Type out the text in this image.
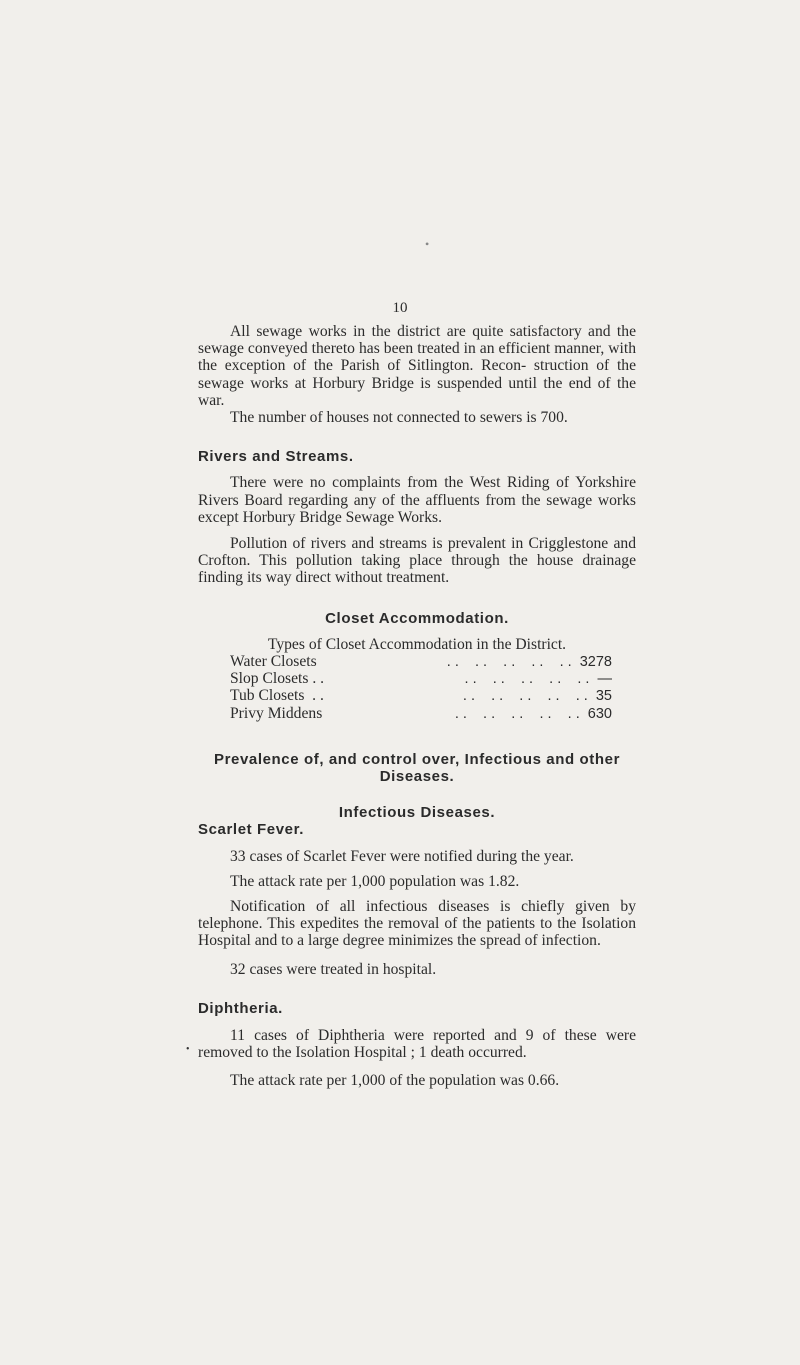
10

All sewage works in the district are quite satisfactory and the sewage conveyed thereto has been treated in an efficient manner, with the exception of the Parish of Sitlington. Recon- struction of the sewage works at Horbury Bridge is suspended until the end of the war.

The number of houses not connected to sewers is 700.

Rivers and Streams.

There were no complaints from the West Riding of Yorkshire Rivers Board regarding any of the affluents from the sewage works except Horbury Bridge Sewage Works.

Pollution of rivers and streams is prevalent in Crigglestone and Crofton. This pollution taking place through the house drainage finding its way direct without treatment.

Closet Accommodation.

Types of Closet Accommodation in the District.

Water Closets	. .    . .    . .    . .    . . 3278
Slop Closets . .	. .    . .    . .    . .    . . —
Tub Closets  . .	. .    . .    . .    . .    . . 35
Privy Middens	. .    . .    . .    . .    . . 630
Prevalence of, and control over, Infectious and other Diseases.
Infectious Diseases.
Scarlet Fever.

33 cases of Scarlet Fever were notified during the year.

The attack rate per 1,000 population was 1.82.

Notification of all infectious diseases is chiefly given by telephone. This expedites the removal of the patients to the Isolation Hospital and to a large degree minimizes the spread of infection.

32 cases were treated in hospital.

Diphtheria.

11 cases of Diphtheria were reported and 9 of these were removed to the Isolation Hospital ; 1 death occurred.

The attack rate per 1,000 of the population was 0.66.

•
•
